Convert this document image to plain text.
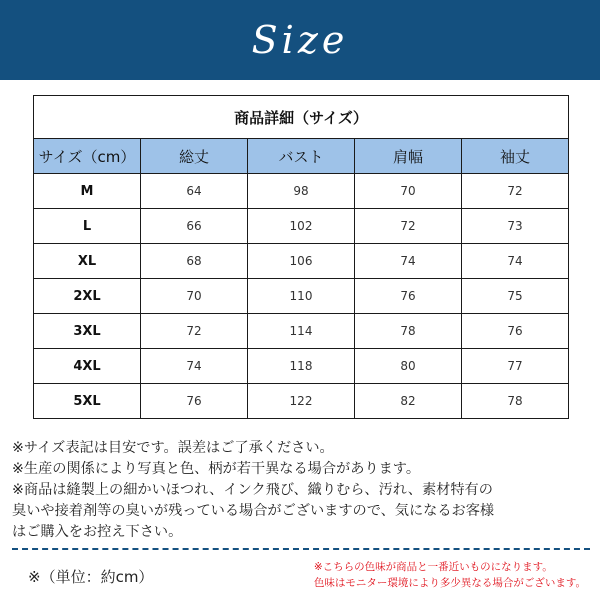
Size
商品詳細（サイズ）				
サイズ（cm）	総丈	バスト	肩幅	袖丈
M	64	98	70	72
L	66	102	72	73
XL	68	106	74	74
2XL	70	110	76	75
3XL	72	114	78	76
4XL	74	118	80	77
5XL	76	122	82	78

※サイズ表記は目安です。誤差はご了承ください。

※生産の関係により写真と色、柄が若干異なる場合があります。

※商品は縫製上の細かいほつれ、インク飛び、織りむら、汚れ、素材特有の

臭いや接着剤等の臭いが残っている場合がございますので、気になるお客様

はご購入をお控え下さい。

※（単位：約cm）

※こちらの色味が商品と一番近いものになります。

色味はモニター環境により多少異なる場合がございます。
